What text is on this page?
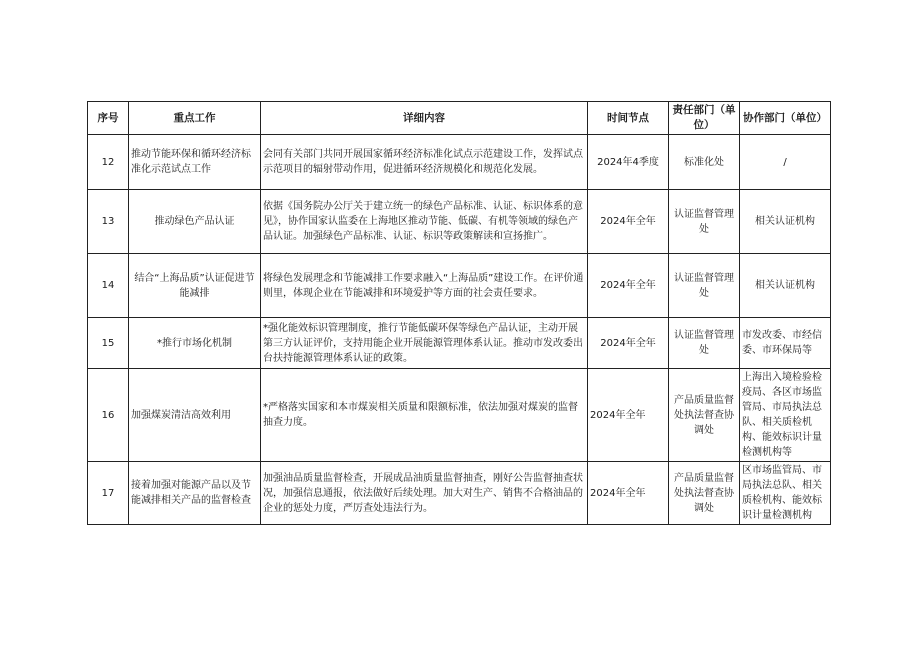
序号	重点工作	详细内容	时间节点	责任部门（单位）	协作部门（单位）
12	推动节能环保和循环经济标准化示范试点工作	会同有关部门共同开展国家循环经济标准化试点示范建设工作，发挥试点示范项目的辐射带动作用，促进循环经济规模化和规范化发展。	2024年4季度	标准化处	/
13	推动绿色产品认证	依据《国务院办公厅关于建立统一的绿色产品标准、认证、标识体系的意见》，协作国家认监委在上海地区推动节能、低碳、有机等领域的绿色产品认证。加强绿色产品标准、认证、标识等政策解读和宣扬推广。	2024年全年	认证监督管理处	相关认证机构
14	结合“上海品质”认证促进节能减排	将绿色发展理念和节能减排工作要求融入“上海品质”建设工作。在评价通则里，体现企业在节能减排和环境爱护等方面的社会责任要求。	2024年全年	认证监督管理处	相关认证机构
15	*推行市场化机制	*强化能效标识管理制度，推行节能低碳环保等绿色产品认证，主动开展第三方认证评价，支持用能企业开展能源管理体系认证。推动市发改委出台扶持能源管理体系认证的政策。	2024年全年	认证监督管理处	市发改委、市经信委、市环保局等
16	加强煤炭清洁高效利用	*严格落实国家和本市煤炭相关质量和限额标准，依法加强对煤炭的监督抽查力度。	2024年全年	产品质量监督处执法督查协调处	上海出入境检验检疫局、各区市场监管局、市局执法总队、相关质检机构、能效标识计量检测机构等
17	接着加强对能源产品以及节能减排相关产品的监督检查	加强油品质量监督检查，开展成品油质量监督抽查，刚好公告监督抽查状况，加强信息通报，依法做好后续处理。加大对生产、销售不合格油品的企业的惩处力度，严厉查处违法行为。	2024年全年	产品质量监督处执法督查协调处	区市场监管局、市局执法总队、相关质检机构、能效标识计量检测机构
